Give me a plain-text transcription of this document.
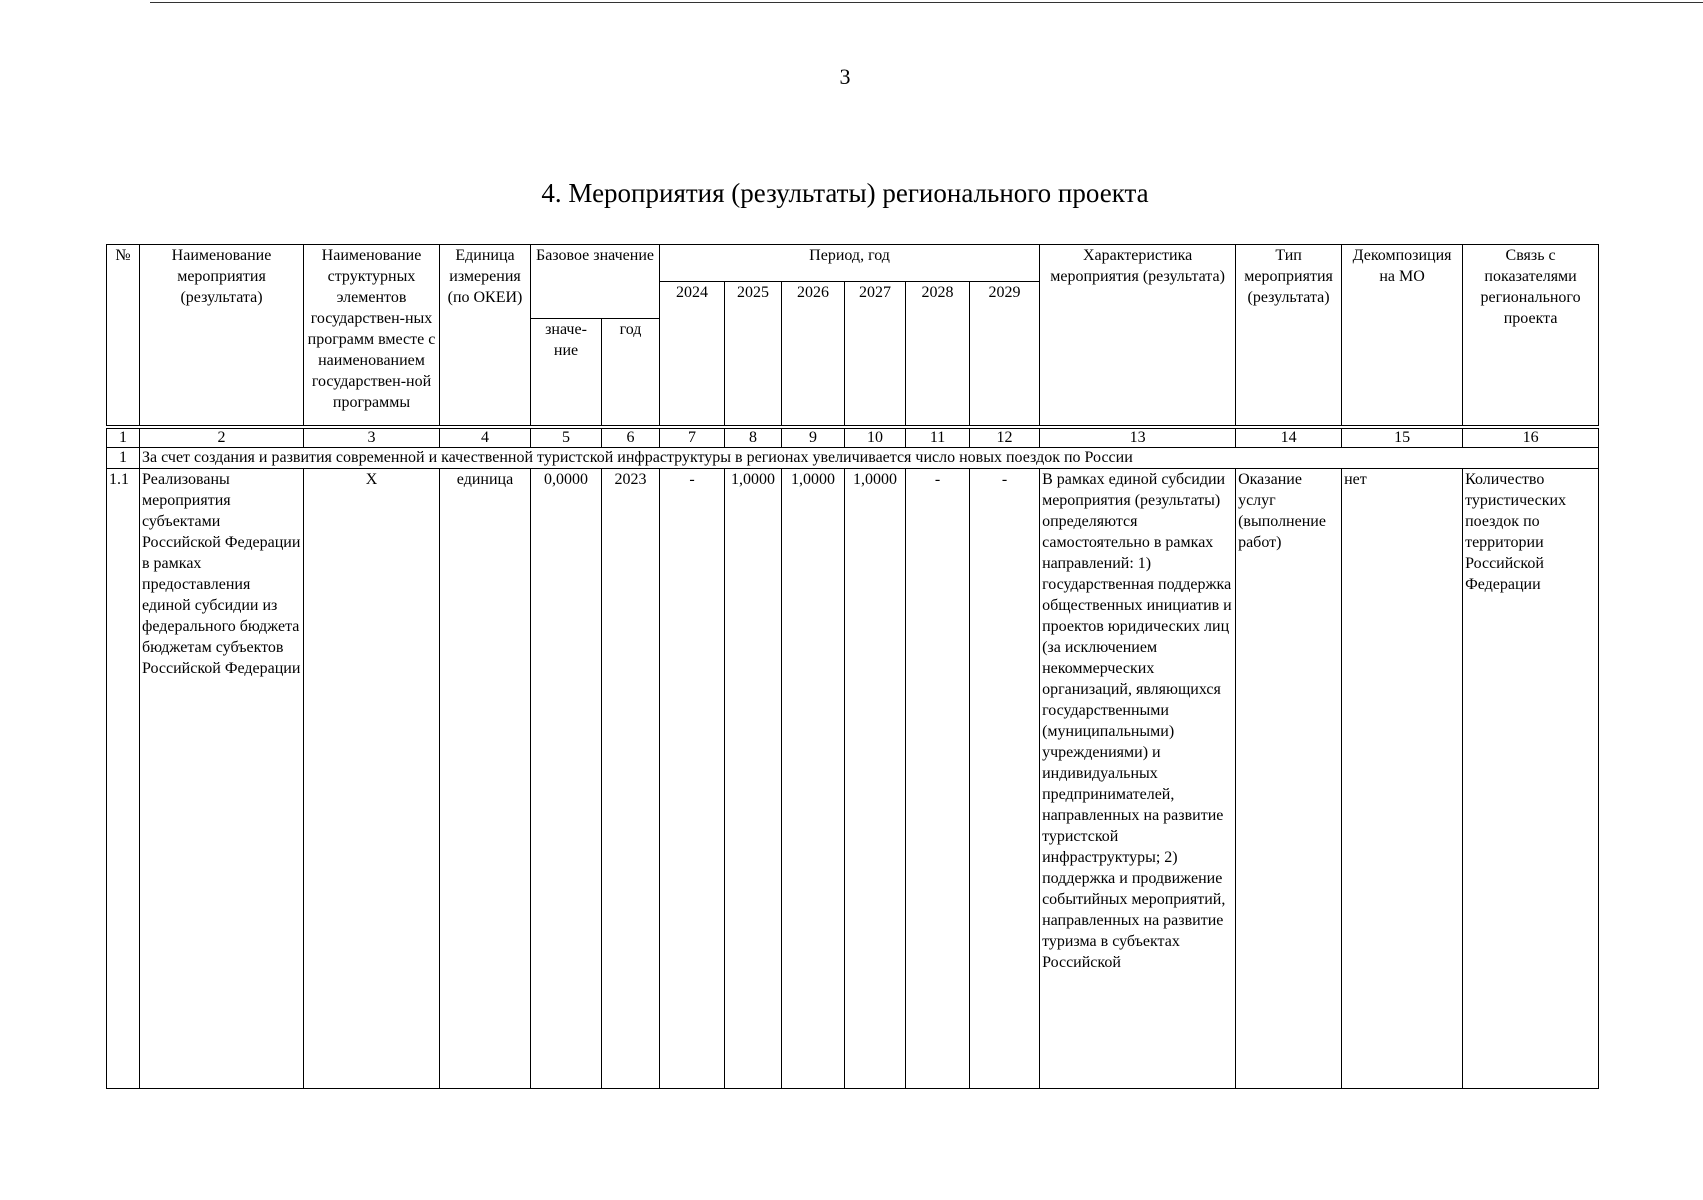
3
4. Мероприятия (результаты) регионального проекта
№	Наименование мероприятия (результата)	Наименование структурных элементов государствен-ных программ вместе с наименованием государствен-ной программы	Единица измерения (по ОКЕИ)	Базовое значение		Период, год						Характеристика мероприятия (результата)	Тип мероприятия (результата)	Декомпозиция на МО	Связь с показателями регионального проекта
						2024	2025	2026	2027	2028	2029				
				значе-ние	год										

1	2	3	4	5	6	7	8	9	10	11	12	13	14	15	16
1	За счет создания и развития современной и качественной туристской инфраструктуры в регионах увеличивается число новых поездок по России														
1.1	Реализованы мероприятия субъектами Российской Федерации в рамках предоставления единой субсидии из федерального бюджета бюджетам субъектов Российской Федерации	X	единица	0,0000	2023	-	1,0000	1,0000	1,0000	-	-	В рамках единой субсидии мероприятия (результаты) определяются самостоятельно в рамках направлений: 1) государственная поддержка общественных инициатив и проектов юридических лиц (за исключением некоммерческих организаций, являющихся государственными (муниципальными) учреждениями) и индивидуальных предпринимателей, направленных на развитие туристской инфраструктуры; 2) поддержка и продвижение событийных мероприятий, направленных на развитие туризма в субъектах Российской	Оказание услуг (выполнение работ)	нет	Количество туристических поездок по территории Российской Федерации
